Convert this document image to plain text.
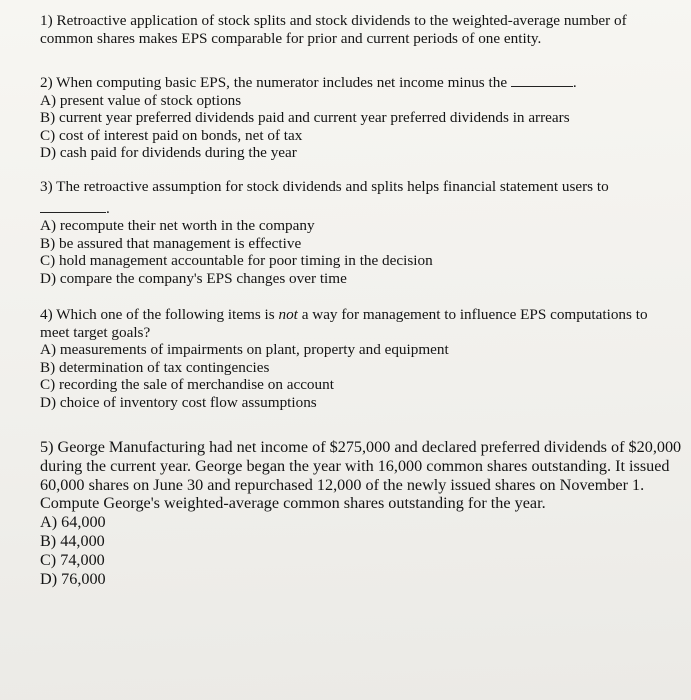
1) Retroactive application of stock splits and stock dividends to the weighted-average number of common shares makes EPS comparable for prior and current periods of one entity.

2) When computing basic EPS, the numerator includes net income minus the	.

A) present value of stock options

B) current year preferred dividends paid and current year preferred dividends in arrears

C) cost of interest paid on bonds, net of tax

D) cash paid for dividends during the year

3) The retroactive assumption for stock dividends and splits helps financial statement users to

.

A) recompute their net worth in the company

B) be assured that management is effective

C) hold management accountable for poor timing in the decision

D) compare the company's EPS changes over time

4) Which one of the following items is not a way for management to influence EPS computations to meet target goals?

A) measurements of impairments on plant, property and equipment

B) determination of tax contingencies

C) recording the sale of merchandise on account

D) choice of inventory cost flow assumptions

5) George Manufacturing had net income of $275,000 and declared preferred dividends of $20,000 during the current year. George began the year with 16,000 common shares outstanding. It issued 60,000 shares on June 30 and repurchased 12,000 of the newly issued shares on November 1. Compute George's weighted-average common shares outstanding for the year.

A) 64,000

B) 44,000

C) 74,000

D) 76,000
